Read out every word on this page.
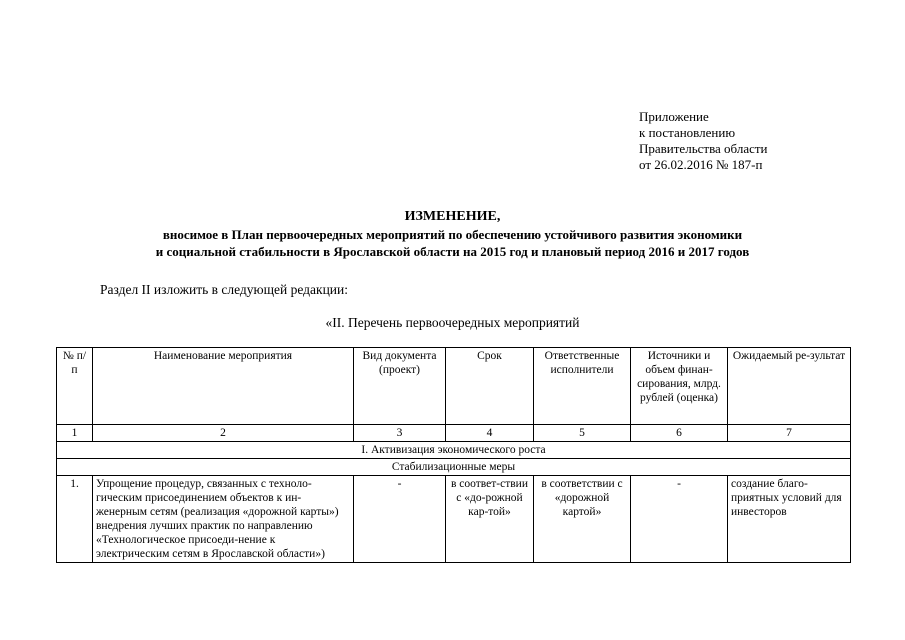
Приложение
к постановлению
Правительства области
от 26.02.2016 № 187-п
ИЗМЕНЕНИЕ,
вносимое в План первоочередных мероприятий по обеспечению устойчивого развития экономики
и социальной стабильности в Ярославской области на 2015 год и плановый период 2016 и 2017 годов
Раздел II изложить в следующей редакции:
«II. Перечень первоочередных мероприятий
№ п/п	Наименование мероприятия	Вид документа (проект)	Срок	Ответственные исполнители	Источники и объем финан-сирования, млрд. рублей (оценка)	Ожидаемый ре-зультат
1	2	3	4	5	6	7
I. Активизация экономического роста						
Стабилизационные меры						
1.	Упрощение процедур, связанных с техноло-гическим присоединением объектов к ин-женерным сетям (реализация «дорожной карты») внедрения лучших практик по направлению «Технологическое присоеди-нение к электрическим сетям в Ярославской области»)	-	в соответ-ствии с «до-рожной кар-той»	в соответствии с «дорожной картой»	-	создание благо-приятных условий для инвесторов
